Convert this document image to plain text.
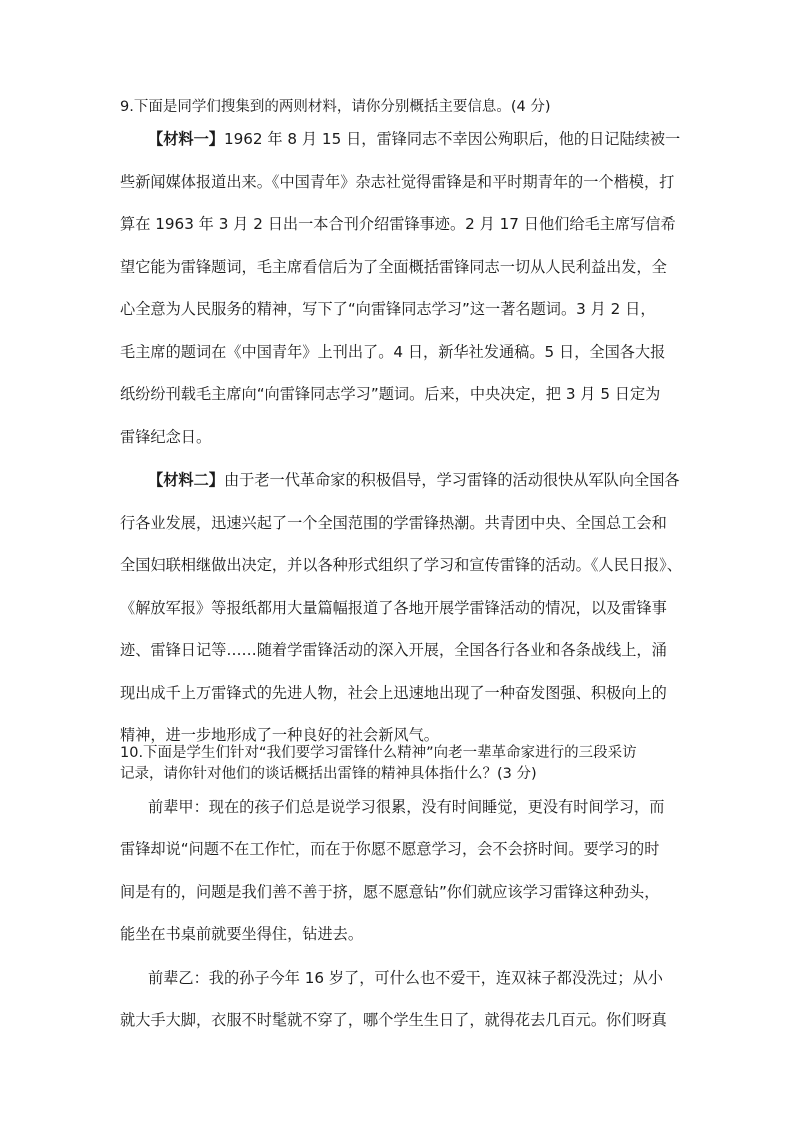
9.下面是同学们搜集到的两则材料，请你分别概括主要信息。(4 分)
【材料一】1962 年 8 月 15 日，雷锋同志不幸因公殉职后，他的日记陆续被一
些新闻媒体报道出来。《中国青年》杂志社觉得雷锋是和平时期青年的一个楷模，打
算在 1963 年 3 月 2 日出一本合刊介绍雷锋事迹。2 月 17 日他们给毛主席写信希
望它能为雷锋题词，毛主席看信后为了全面概括雷锋同志一切从人民利益出发，全
心全意为人民服务的精神，写下了“向雷锋同志学习”这一著名题词。3 月 2 日，
毛主席的题词在《中国青年》上刊出了。4 日，新华社发通稿。5 日，全国各大报
纸纷纷刊载毛主席向“向雷锋同志学习”题词。后来，中央决定，把 3 月 5 日定为
雷锋纪念日。
【材料二】由于老一代革命家的积极倡导，学习雷锋的活动很快从军队向全国各
行各业发展，迅速兴起了一个全国范围的学雷锋热潮。共青团中央、全国总工会和
全国妇联相继做出决定，并以各种形式组织了学习和宣传雷锋的活动。《人民日报》、
《解放军报》等报纸都用大量篇幅报道了各地开展学雷锋活动的情况，以及雷锋事
迹、雷锋日记等……随着学雷锋活动的深入开展，全国各行各业和各条战线上，涌
现出成千上万雷锋式的先进人物，社会上迅速地出现了一种奋发图强、积极向上的
精神，进一步地形成了一种良好的社会新风气。
10.下面是学生们针对“我们要学习雷锋什么精神”向老一辈革命家进行的三段采访
记录，请你针对他们的谈话概括出雷锋的精神具体指什么？(3 分)
前辈甲：现在的孩子们总是说学习很累，没有时间睡觉，更没有时间学习，而
雷锋却说“问题不在工作忙，而在于你愿不愿意学习，会不会挤时间。要学习的时
间是有的，问题是我们善不善于挤，愿不愿意钻”你们就应该学习雷锋这种劲头，
能坐在书桌前就要坐得住，钻进去。
前辈乙：我的孙子今年 16 岁了，可什么也不爱干，连双袜子都没洗过；从小
就大手大脚，衣服不时髦就不穿了，哪个学生生日了，就得花去几百元。你们呀真
